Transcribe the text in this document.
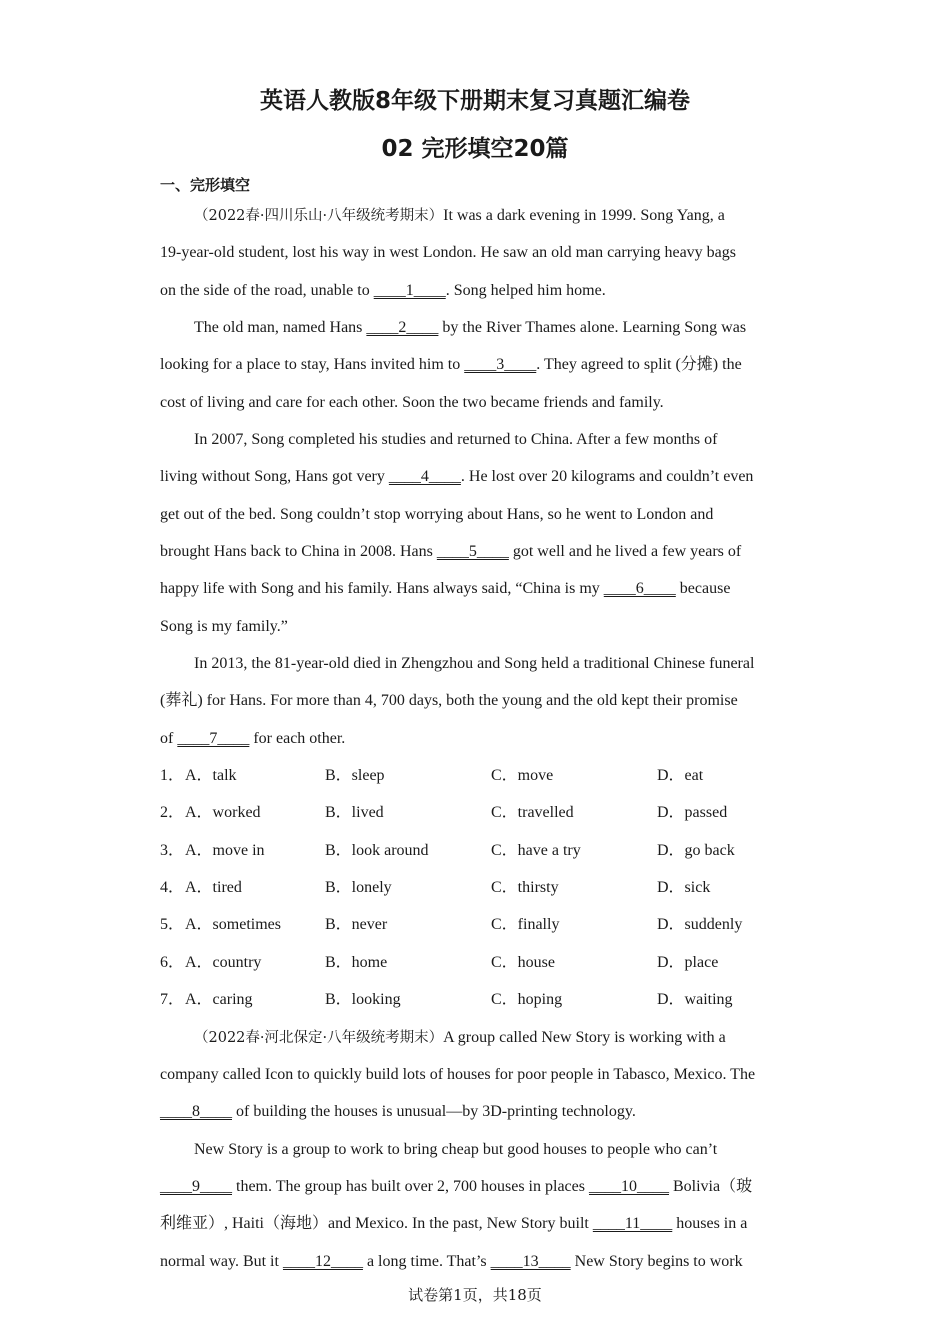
英语人教版8年级下册期末复习真题汇编卷
02 完形填空20篇
一、完形填空
（2022春·四川乐山·八年级统考期末）It was a dark evening in 1999. Song Yang, a
19-year-old student, lost his way in west London. He saw an old man carrying heavy bags
on the side of the road, unable to ____1____. Song helped him home.
The old man, named Hans ____2____ by the River Thames alone. Learning Song was
looking for a place to stay, Hans invited him to ____3____. They agreed to split (分摊) the
cost of living and care for each other. Soon the two became friends and family.
In 2007, Song completed his studies and returned to China. After a few months of
living without Song, Hans got very ____4____. He lost over 20 kilograms and couldn’t even
get out of the bed. Song couldn’t stop worrying about Hans, so he went to London and
brought Hans back to China in 2008. Hans ____5____ got well and he lived a few years of
happy life with Song and his family. Hans always said, “China is my ____6____ because
Song is my family.”
In 2013, the 81-year-old died in Zhengzhou and Song held a traditional Chinese funeral
(葬礼) for Hans. For more than 4, 700 days, both the young and the old kept their promise
of ____7____ for each other.
1． A．talk	B．sleep	C．move	D．eat
2． A．worked	B．lived	C．travelled	D．passed
3． A．move in	B．look around	C．have a try	D．go back
4． A．tired	B．lonely	C．thirsty	D．sick
5． A．sometimes	B．never	C．finally	D．suddenly
6． A．country	B．home	C．house	D．place
7． A．caring	B．looking	C．hoping	D．waiting
（2022春·河北保定·八年级统考期末）A group called New Story is working with a
company called Icon to quickly build lots of houses for poor people in Tabasco, Mexico. The
____8____ of building the houses is unusual—by 3D-printing technology.
New Story is a group to work to bring cheap but good houses to people who can’t
____9____ them. The group has built over 2, 700 houses in places ____10____ Bolivia（玻
利维亚）, Haiti（海地）and Mexico. In the past, New Story built ____11____ houses in a
normal way. But it ____12____ a long time. That’s ____13____ New Story begins to work
试卷第1页，共18页
